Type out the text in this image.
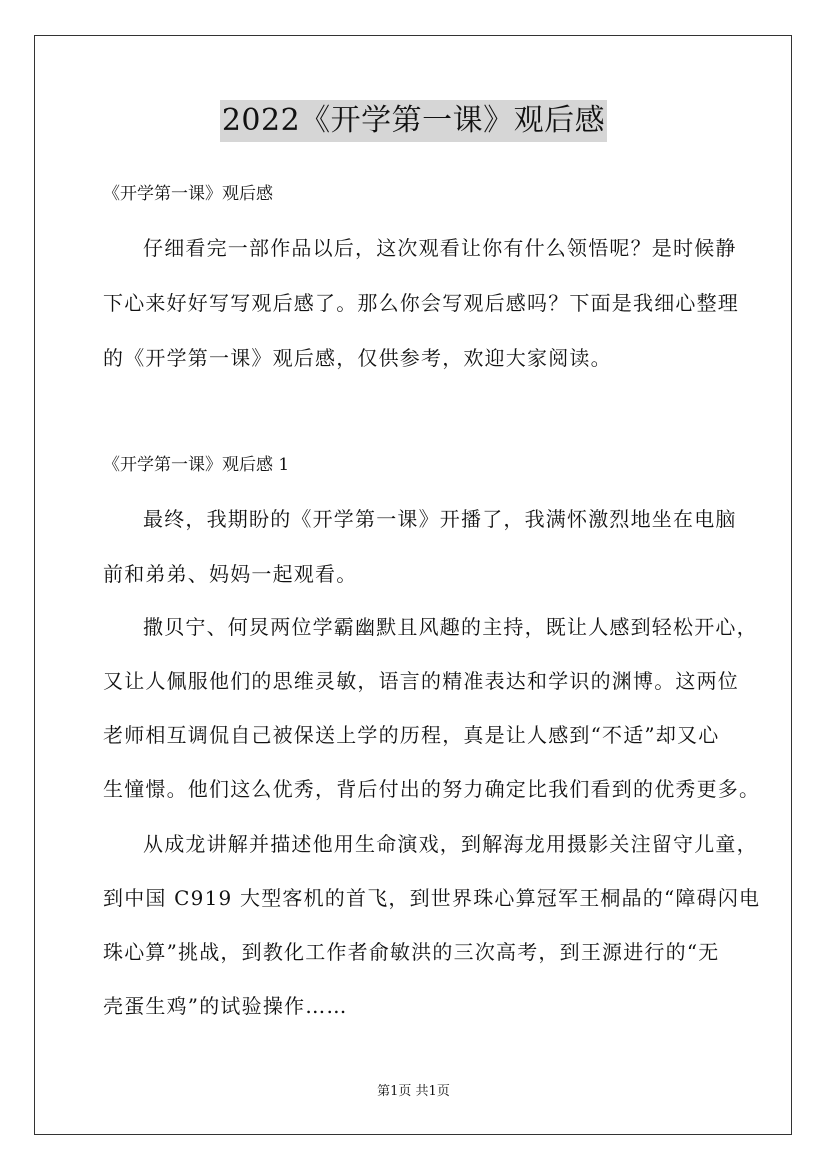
2022《开学第一课》观后感
《开学第一课》观后感
仔细看完一部作品以后，这次观看让你有什么领悟呢？是时候静
下心来好好写写观后感了。那么你会写观后感吗？下面是我细心整理
的《开学第一课》观后感，仅供参考，欢迎大家阅读。
《开学第一课》观后感 1
最终，我期盼的《开学第一课》开播了，我满怀激烈地坐在电脑
前和弟弟、妈妈一起观看。
撒贝宁、何炅两位学霸幽默且风趣的主持，既让人感到轻松开心，
又让人佩服他们的思维灵敏，语言的精准表达和学识的渊博。这两位
老师相互调侃自己被保送上学的历程，真是让人感到“不适”却又心
生憧憬。他们这么优秀，背后付出的努力确定比我们看到的优秀更多。
从成龙讲解并描述他用生命演戏，到解海龙用摄影关注留守儿童，
到中国 C919 大型客机的首飞，到世界珠心算冠军王桐晶的“障碍闪电
珠心算”挑战，到教化工作者俞敏洪的三次高考，到王源进行的“无
壳蛋生鸡”的试验操作……
第1页 共1页
